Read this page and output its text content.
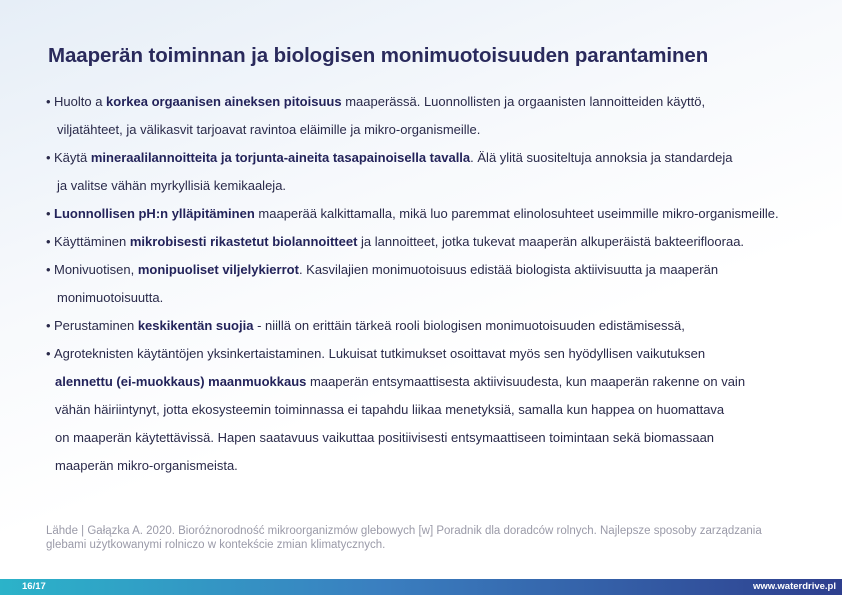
Maaperän toiminnan ja biologisen monimuotoisuuden parantaminen
• Huolto a korkea orgaanisen aineksen pitoisuus maaperässä. Luonnollisten ja orgaanisten lannoitteiden käyttö,
viljatähteet, ja välikasvit tarjoavat ravintoa eläimille ja mikro-organismeille.
• Käytä mineraalilannoitteita ja torjunta-aineita tasapainoisella tavalla. Älä ylitä suositeltuja annoksia ja standardeja
ja valitse vähän myrkyllisiä kemikaaleja.
• Luonnollisen pH:n ylläpitäminen maaperää kalkittamalla, mikä luo paremmat elinolosuhteet useimmille mikro-organismeille.
• Käyttäminen mikrobisesti rikastetut biolannoitteet ja lannoitteet, jotka tukevat maaperän alkuperäistä bakteeriflooraa.
• Monivuotisen, monipuoliset viljelykierrot. Kasvilajien monimuotoisuus edistää biologista aktiivisuutta ja maaperän
monimuotoisuutta.
• Perustaminen keskikentän suojia - niillä on erittäin tärkeä rooli biologisen monimuotoisuuden edistämisessä,
• Agroteknisten käytäntöjen yksinkertaistaminen. Lukuisat tutkimukset osoittavat myös sen hyödyllisen vaikutuksen
alennettu (ei-muokkaus) maanmuokkaus maaperän entsymaattisesta aktiivisuudesta, kun maaperän rakenne on vain
vähän häiriintynyt, jotta ekosysteemin toiminnassa ei tapahdu liikaa menetyksiä, samalla kun happea on huomattava
on maaperän käytettävissä. Hapen saatavuus vaikuttaa positiivisesti entsymaattiseen toimintaan sekä biomassaan
maaperän mikro-organismeista.
Lähde | Gałązka A. 2020. Bioróżnorodność mikroorganizmów glebowych [w] Poradnik dla doradców rolnych. Najlepsze sposoby zarządzania
glebami użytkowanymi rolniczo w kontekście zmian klimatycznych.
16/17	www.waterdrive.pl
